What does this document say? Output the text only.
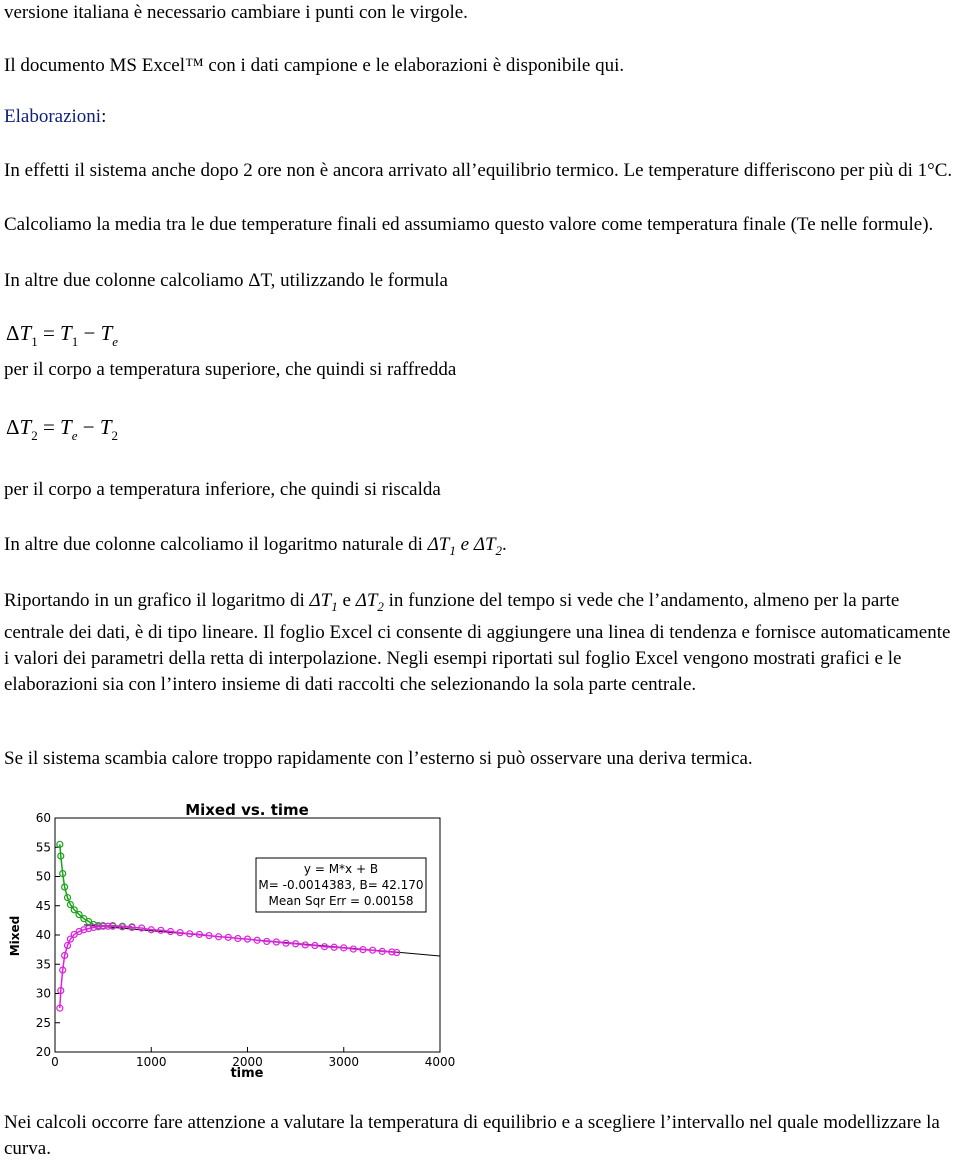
versione italiana è necessario cambiare i punti con le virgole.

Il documento MS Excel™ con i dati campione e le elaborazioni è disponibile qui.

Elaborazioni:

In effetti il sistema anche dopo 2 ore non è ancora arrivato all’equilibrio termico. Le temperature differiscono per più di 1°C.

Calcoliamo la media tra le due temperature finali ed assumiamo questo valore come temperatura finale (Te nelle formule).

In altre due colonne calcoliamo ΔT, utilizzando le formula

$\Delta T_1 = T_1 - T_e$

per il corpo a temperatura superiore, che quindi si raffredda

$\Delta T_2 = T_e - T_2$

per il corpo a temperatura inferiore, che quindi si riscalda

In altre due colonne calcoliamo il logaritmo naturale di $\Delta T_1$ e $\Delta T_2$.

Riportando in un grafico il logaritmo di $\Delta T_1$ e $\Delta T_2$ in funzione del tempo si vede che l’andamento, almeno per la parte centrale dei dati, è di tipo lineare. Il foglio Excel ci consente di aggiungere una linea di tendenza e fornisce automaticamente i valori dei parametri della retta di interpolazione. Negli esempi riportati sul foglio Excel vengono mostrati grafici e le elaborazioni sia con l’intero insieme di dati raccolti che selezionando la sola parte centrale.

Se il sistema scambia calore troppo rapidamente con l’esterno si può osservare una deriva termica.

Mixed vs. time
time
Mixed
20
25
30
35
40
45
50
55
60
0	1000	2000	3000	4000
y = M*x + B
M= -0.0014383, B= 42.170
Mean Sqr Err = 0.00158

Nei calcoli occorre fare attenzione a valutare la temperatura di equilibrio e a scegliere l’intervallo nel quale modellizzare la curva.
